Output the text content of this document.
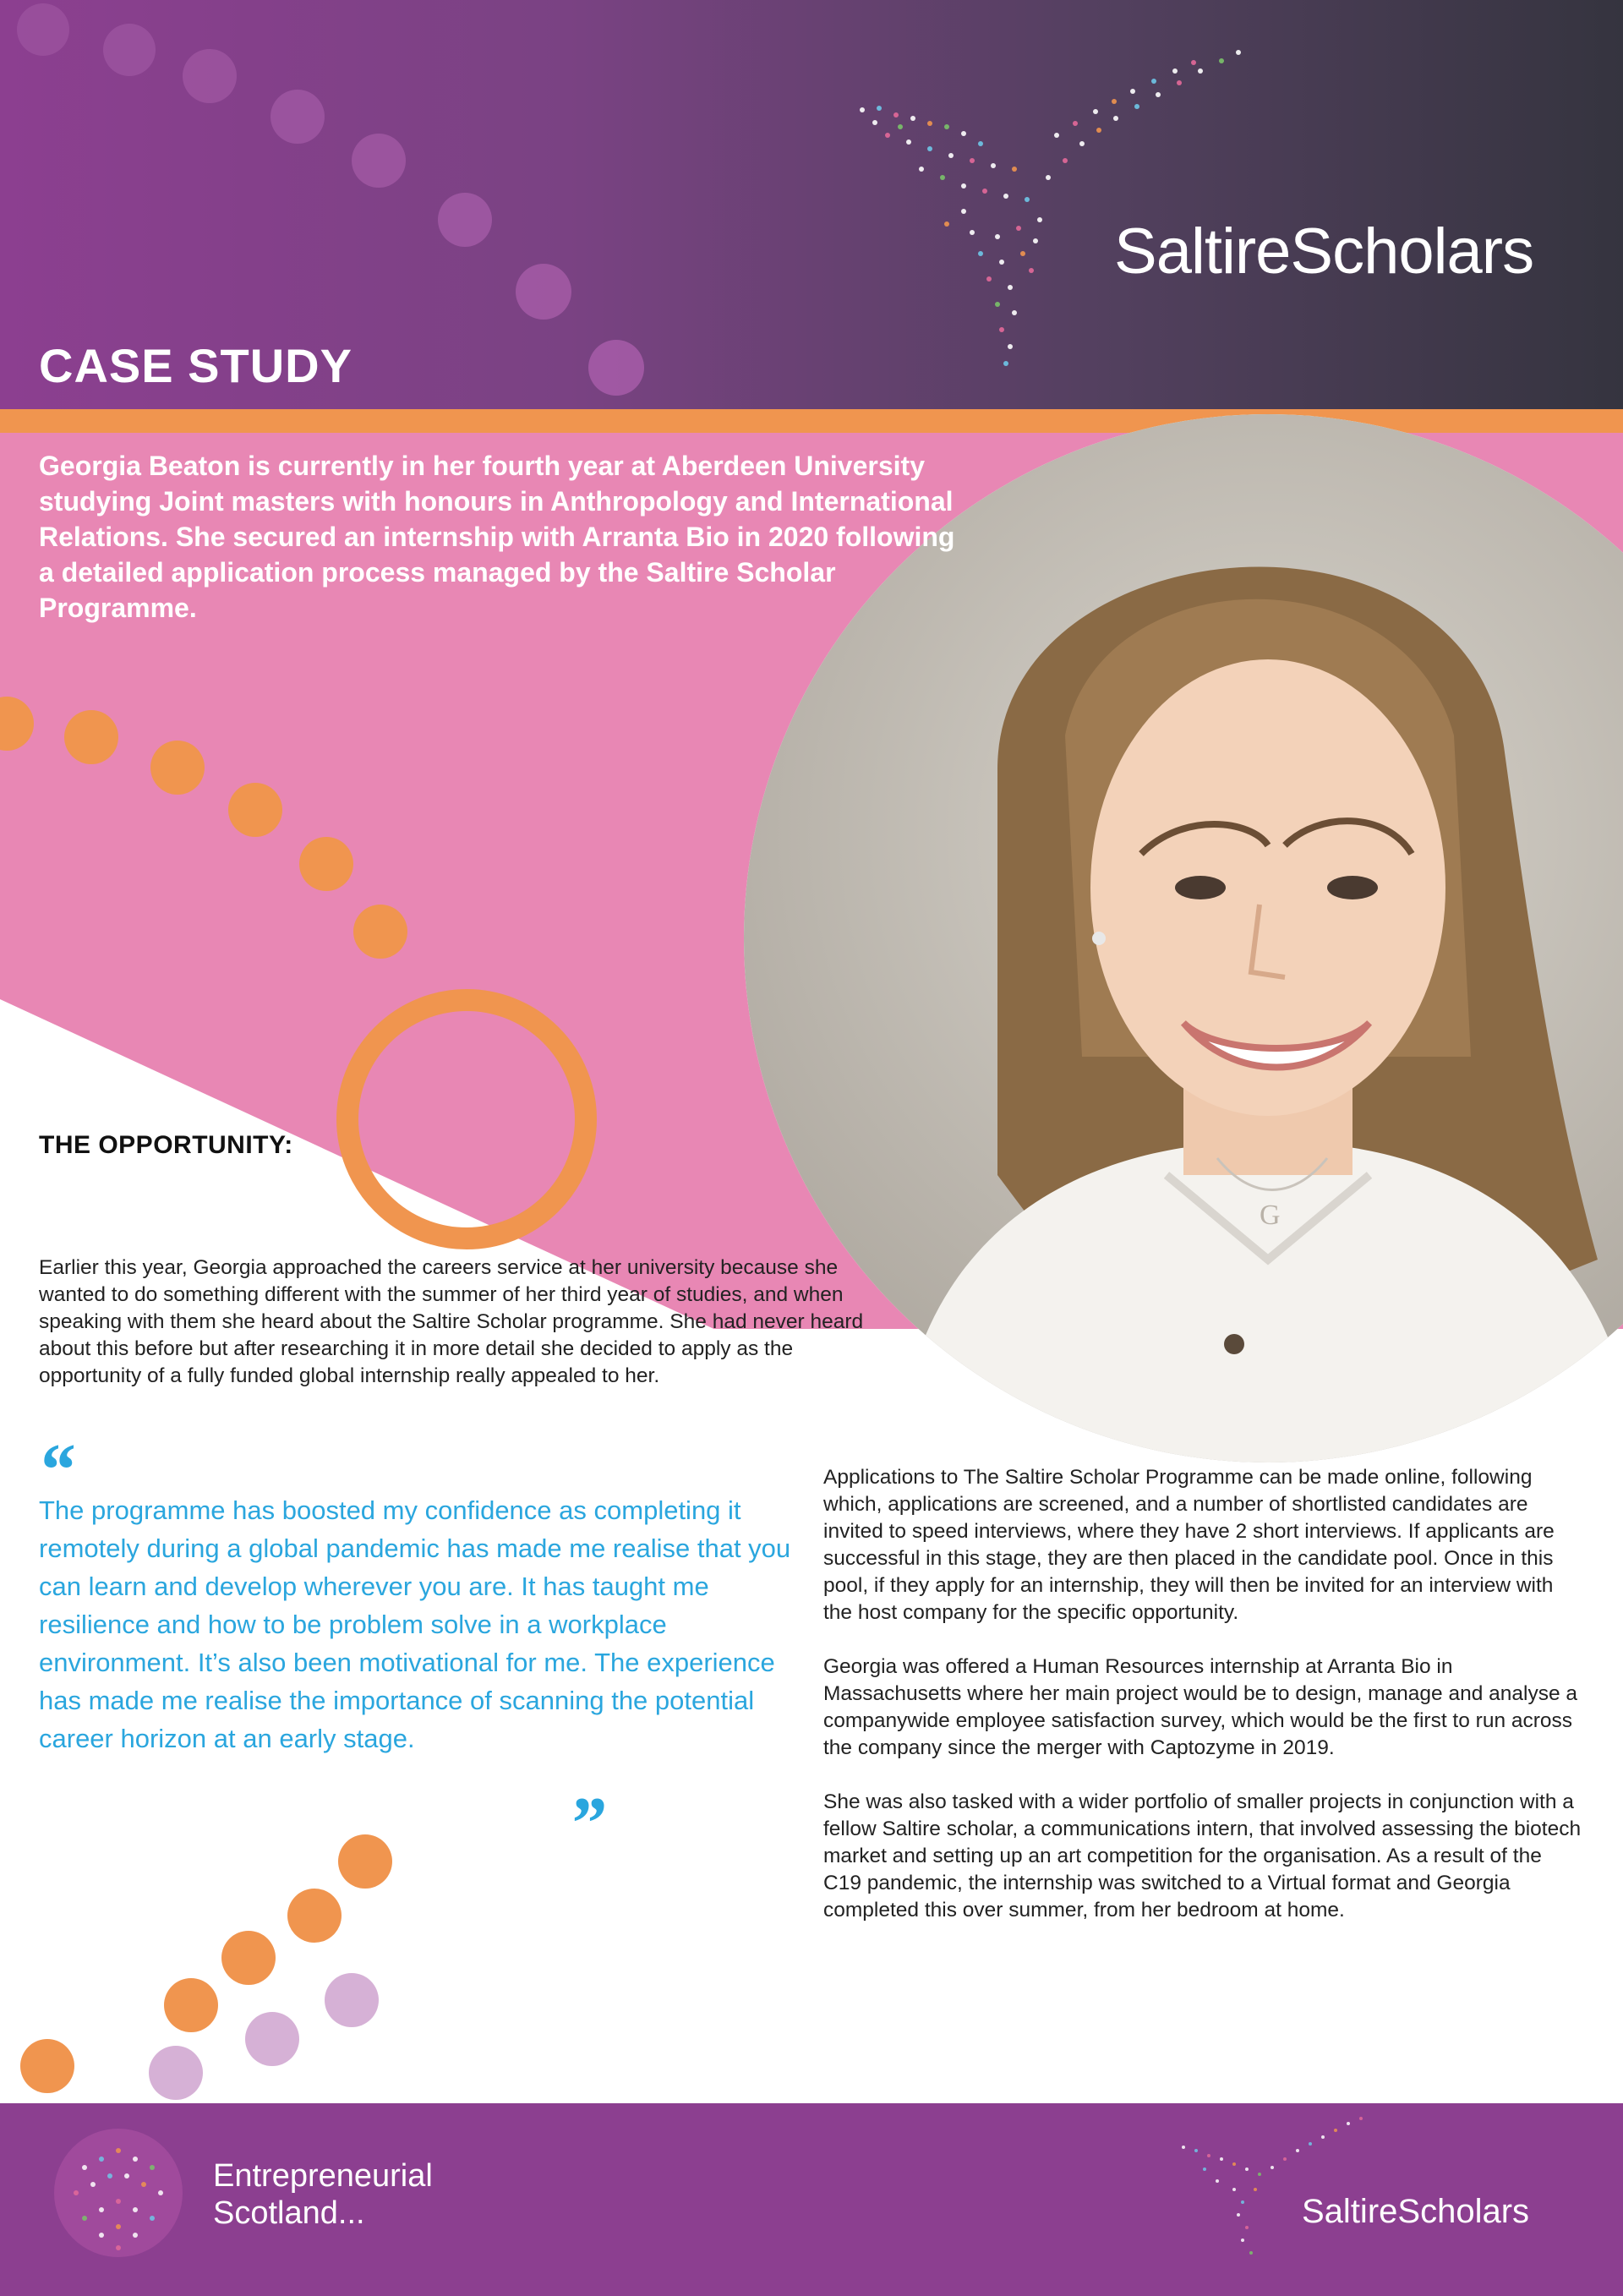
SaltireScholars
CASE STUDY
G
Georgia Beaton is currently in her fourth year at Aberdeen University studying Joint masters with honours in Anthropology and International Relations. She secured an internship with Arranta Bio in 2020 following a detailed application process managed by the Saltire Scholar Programme.
THE OPPORTUNITY:
Earlier this year, Georgia approached the careers service at her university because she wanted to do something different with the summer of her third year of studies, and when speaking with them she heard about the Saltire Scholar programme. She had never heard about this before but after researching it in more detail she decided to apply as the opportunity of a fully funded global internship really appealed to her.
“
The programme has boosted my confidence as completing it remotely during a global pandemic has made me realise that you can learn and develop wherever you are. It has taught me resilience and how to be problem solve in a workplace environment. It’s also been motivational for me. The experience has made me realise the importance of scanning the potential career horizon at an early stage.
”

Applications to The Saltire Scholar Programme can be made online, following which, applications are screened, and a number of shortlisted candidates are invited to speed interviews, where they have 2 short interviews. If applicants are successful in this stage, they are then placed in the candidate pool. Once in this pool, if they apply for an internship, they will then be invited for an interview with the host company for the specific opportunity.

Georgia was offered a Human Resources internship at Arranta Bio in Massachusetts where her main project would be to design, manage and analyse a companywide employee satisfaction survey, which would be the first to run across the company since the merger with Captozyme in 2019.

She was also tasked with a wider portfolio of smaller projects in conjunction with a fellow Saltire scholar, a communications intern, that involved assessing the biotech market and setting up an art competition for the organisation. As a result of the C19 pandemic, the internship was switched to a Virtual format and Georgia completed this over summer, from her bedroom at home.

Entrepreneurial
Scotland...	SaltireScholars
